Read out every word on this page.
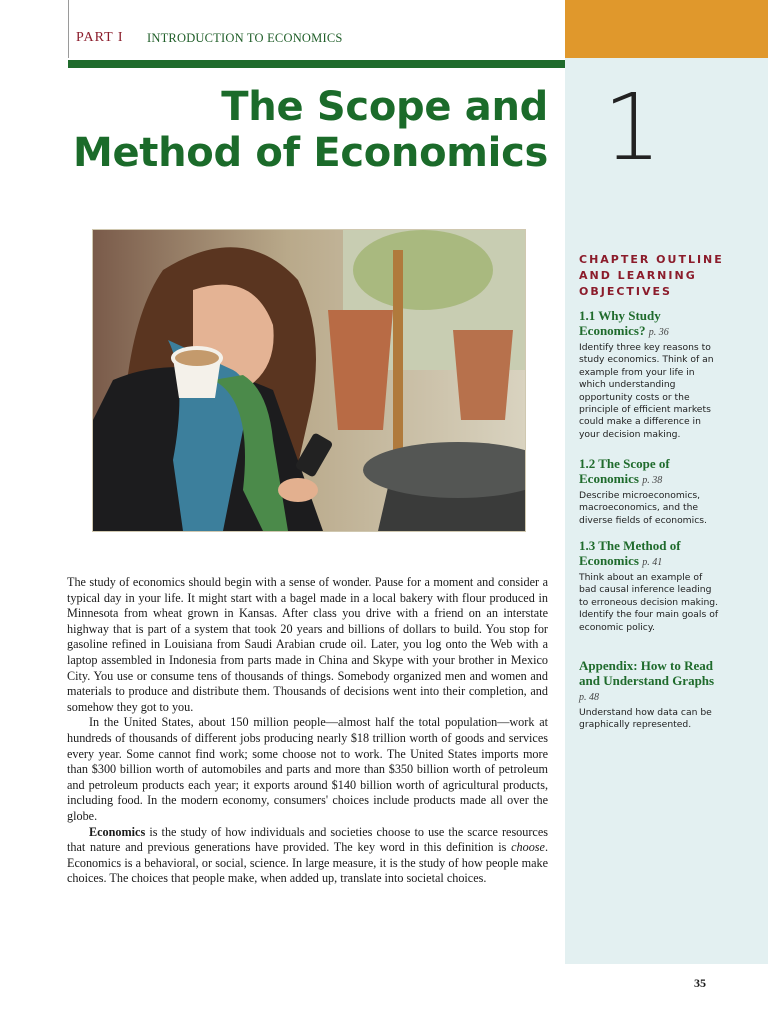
PART I INTRODUCTION TO ECONOMICS
The Scope and
Method of Economics 1
CHAPTER OUTLINE AND LEARNING OBJECTIVES
1.1 Why Study Economics? p. 36
Identify three key reasons to study economics. Think of an example from your life in which understanding opportunity costs or the principle of efficient markets could make a difference in your decision making.
1.2 The Scope of Economics p. 38
Describe microeconomics, macroeconomics, and the diverse fields of economics.
1.3 The Method of Economics p. 41
Think about an example of bad causal inference leading to erroneous decision making. Identify the four main goals of economic policy.
Appendix: How to Read and Understand Graphs p. 48
Understand how data can be graphically represented.

The study of economics should begin with a sense of wonder. Pause for a moment and consider a typical day in your life. It might start with a bagel made in a local bakery with flour produced in Minnesota from wheat grown in Kansas. After class you drive with a friend on an interstate highway that is part of a system that took 20 years and billions of dollars to build. You stop for gasoline refined in Louisiana from Saudi Arabian crude oil. Later, you log onto the Web with a laptop assembled in Indonesia from parts made in China and Skype with your brother in Mexico City. You use or consume tens of thousands of things. Somebody organized men and women and materials to produce and distribute them. Thousands of decisions went into their completion, and somehow they got to you.

In the United States, about 150 million people—almost half the total population—work at hundreds of thousands of different jobs producing nearly $18 trillion worth of goods and services every year. Some cannot find work; some choose not to work. The United States imports more than $300 billion worth of automobiles and parts and more than $350 billion worth of petroleum and petroleum products each year; it exports around $140 billion worth of agricultural products, including food. In the modern economy, consumers' choices include products made all over the globe.

Economics is the study of how individuals and societies choose to use the scarce resources that nature and previous generations have provided. The key word in this definition is choose. Economics is a behavioral, or social, science. In large measure, it is the study of how people make choices. The choices that people make, when added up, translate into societal choices.

35
